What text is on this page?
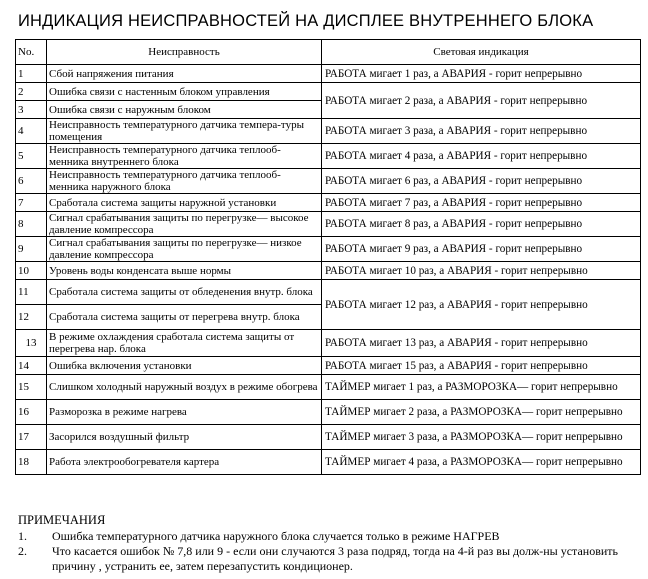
ИНДИКАЦИЯ НЕИСПРАВНОСТЕЙ НА ДИСПЛЕЕ ВНУТРЕННЕГО БЛОКА
No.	Неисправность	Световая индикация
1	Сбой напряжения питания	РАБОТА мигает 1 раз, а АВАРИЯ - горит непрерывно
2	Ошибка связи с настенным блоком управления	РАБОТА мигает 2 раза, а АВАРИЯ - горит непрерывно
3	Ошибка связи с наружным блоком	
4	Неисправность температурного датчика темпера-туры помещения	РАБОТА мигает 3 раза, а АВАРИЯ - горит непрерывно
5	Неисправность температурного датчика теплооб-менника внутреннего блока	РАБОТА мигает 4 раза, а АВАРИЯ - горит непрерывно
6	Неисправность температурного датчика теплооб-менника наружного блока	РАБОТА мигает 6 раз, а АВАРИЯ - горит непрерывно
7	Сработала система защиты наружной установки	РАБОТА мигает 7 раз, а АВАРИЯ - горит непрерывно
8	Сигнал срабатывания защиты по перегрузке— высокое давление компрессора	РАБОТА мигает 8 раз, а АВАРИЯ - горит непрерывно
9	Сигнал срабатывания защиты по перегрузке— низкое давление компрессора	РАБОТА мигает 9 раз, а АВАРИЯ - горит непрерывно
10	Уровень воды конденсата выше нормы	РАБОТА мигает 10 раз, а АВАРИЯ - горит непрерывно
11	Сработала система защиты от обледенения внутр. блока	РАБОТА мигает 12 раз, а АВАРИЯ - горит непрерывно
12	Сработала система защиты от перегрева внутр. блока	
13	В режиме охлаждения сработала система защиты от перегрева нар. блока	РАБОТА мигает 13 раз, а АВАРИЯ - горит непрерывно
14	Ошибка включения установки	РАБОТА мигает 15 раз, а АВАРИЯ - горит непрерывно
15	Слишком холодный наружный воздух в режиме обогрева	ТАЙМЕР мигает 1 раз, а РАЗМОРОЗКА— горит непрерывно
16	Разморозка в режиме нагрева	ТАЙМЕР мигает 2 раза, а РАЗМОРОЗКА— горит непрерывно
17	Засорился воздушный фильтр	ТАЙМЕР мигает 3 раза, а РАЗМОРОЗКА— горит непрерывно
18	Работа электрообогревателя картера	ТАЙМЕР мигает 4 раза, а РАЗМОРОЗКА— горит непрерывно
ПРИМЕЧАНИЯ
1.	Ошибка температурного датчика наружного блока случается только в режиме НАГРЕВ
2.	Что касается ошибок № 7,8 или 9 - если они случаются 3 раза подряд, тогда на 4-й раз вы долж-ны установить причину , устранить ее, затем перезапустить кондиционер.
